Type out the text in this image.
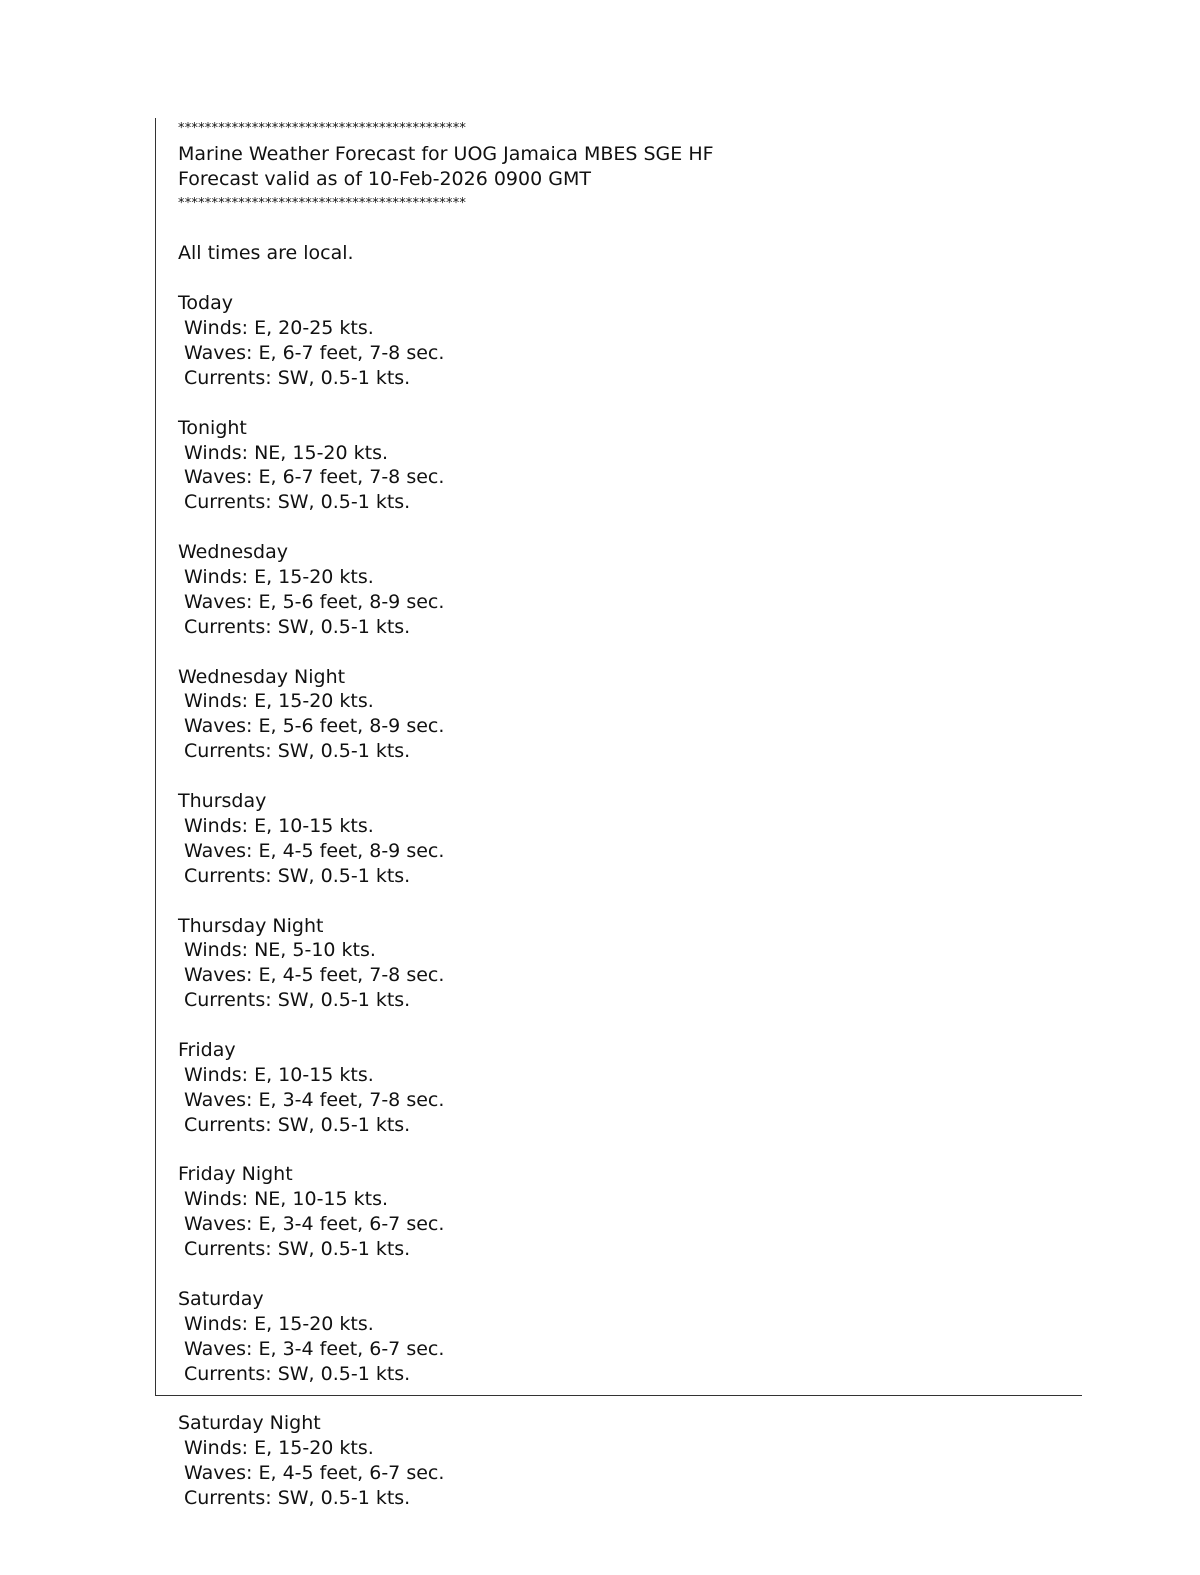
*******************************************
Marine Weather Forecast for UOG Jamaica MBES SGE HF
Forecast valid as of 10-Feb-2026 0900 GMT
*******************************************
All times are local.
Today
Winds: E, 20-25 kts.
Waves: E, 6-7 feet, 7-8 sec.
Currents: SW, 0.5-1 kts.
Tonight
Winds: NE, 15-20 kts.
Waves: E, 6-7 feet, 7-8 sec.
Currents: SW, 0.5-1 kts.
Wednesday
Winds: E, 15-20 kts.
Waves: E, 5-6 feet, 8-9 sec.
Currents: SW, 0.5-1 kts.
Wednesday Night
Winds: E, 15-20 kts.
Waves: E, 5-6 feet, 8-9 sec.
Currents: SW, 0.5-1 kts.
Thursday
Winds: E, 10-15 kts.
Waves: E, 4-5 feet, 8-9 sec.
Currents: SW, 0.5-1 kts.
Thursday Night
Winds: NE, 5-10 kts.
Waves: E, 4-5 feet, 7-8 sec.
Currents: SW, 0.5-1 kts.
Friday
Winds: E, 10-15 kts.
Waves: E, 3-4 feet, 7-8 sec.
Currents: SW, 0.5-1 kts.
Friday Night
Winds: NE, 10-15 kts.
Waves: E, 3-4 feet, 6-7 sec.
Currents: SW, 0.5-1 kts.
Saturday
Winds: E, 15-20 kts.
Waves: E, 3-4 feet, 6-7 sec.
Currents: SW, 0.5-1 kts.
Saturday Night
Winds: E, 15-20 kts.
Waves: E, 4-5 feet, 6-7 sec.
Currents: SW, 0.5-1 kts.
